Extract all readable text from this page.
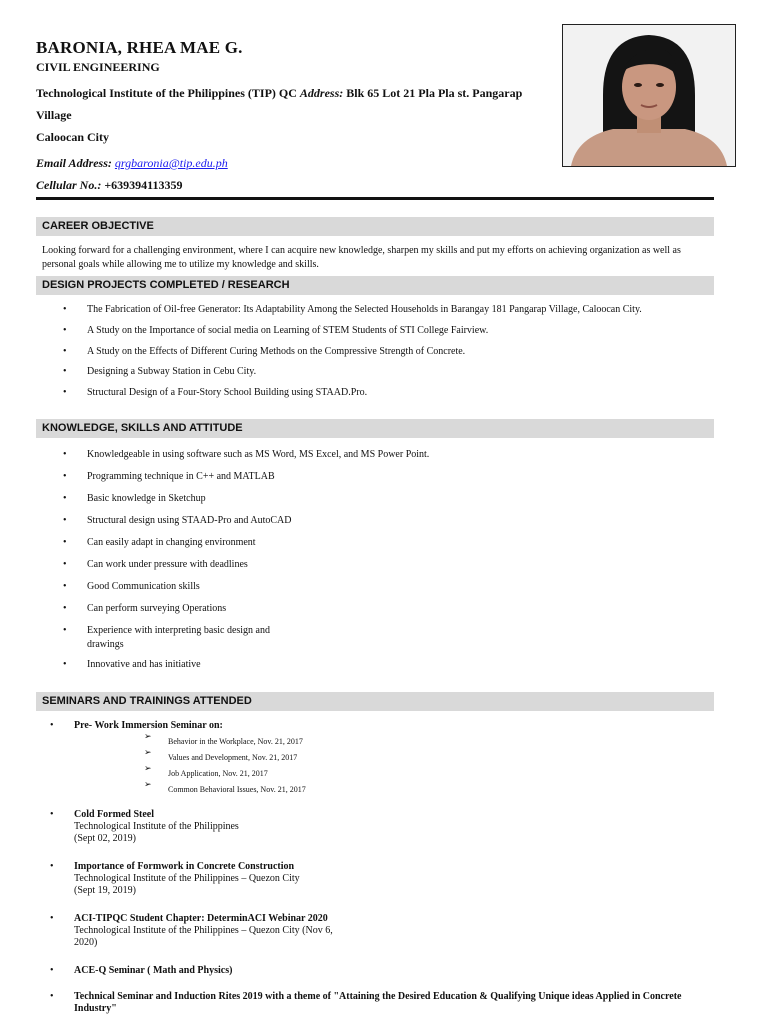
BARONIA, RHEA MAE G.
CIVIL ENGINEERING
Technological Institute of the Philippines (TIP) QC Address: Blk 65 Lot 21 Pla Pla st. Pangarap Village
Caloocan City
Email Address: qrgbaronia@tip.edu.ph
Cellular No.: +639394113359
CAREER OBJECTIVE
Looking forward for a challenging environment, where I can acquire new knowledge, sharpen my skills and put my efforts on achieving organization as well as personal goals while allowing me to utilize my knowledge and skills.
DESIGN PROJECTS COMPLETED / RESEARCH
• The Fabrication of Oil-free Generator: Its Adaptability Among the Selected Households in Barangay 181 Pangarap Village, Caloocan City.
• A Study on the Importance of social media on Learning of STEM Students of STI College Fairview.
• A Study on the Effects of Different Curing Methods on the Compressive Strength of Concrete.
• Designing a Subway Station in Cebu City.
• Structural Design of a Four-Story School Building using STAAD.Pro.
KNOWLEDGE, SKILLS AND ATTITUDE
• Knowledgeable in using software such as MS Word, MS Excel, and MS Power Point.
• Programming technique in C++ and MATLAB
• Basic knowledge in Sketchup
• Structural design using STAAD-Pro and AutoCAD
• Can easily adapt in changing environment
• Can work under pressure with deadlines
• Good Communication skills
• Can perform surveying Operations
• Experience with interpreting basic design and drawings
• Innovative and has initiative
SEMINARS AND TRAININGS ATTENDED
• Pre- Work Immersion Seminar on:
➢
Behavior in the Workplace, Nov. 21, 2017
➢
Values and Development, Nov. 21, 2017
➢
Job Application, Nov. 21, 2017
➢
Common Behavioral Issues, Nov. 21, 2017
• Cold Formed Steel
Technological Institute of the Philippines
(Sept 02, 2019)
• Importance of Formwork in Concrete Construction
Technological Institute of the Philippines – Quezon City (Sept 19, 2019)
• ACI-TIPQC Student Chapter: DeterminACI Webinar 2020
Technological Institute of the Philippines – Quezon City (Nov 6, 2020)
• ACE-Q Seminar ( Math and Physics)
• Technical Seminar and Induction Rites 2019 with a theme of "Attaining the Desired Education & Qualifying Unique ideas Applied in Concrete Industry"
